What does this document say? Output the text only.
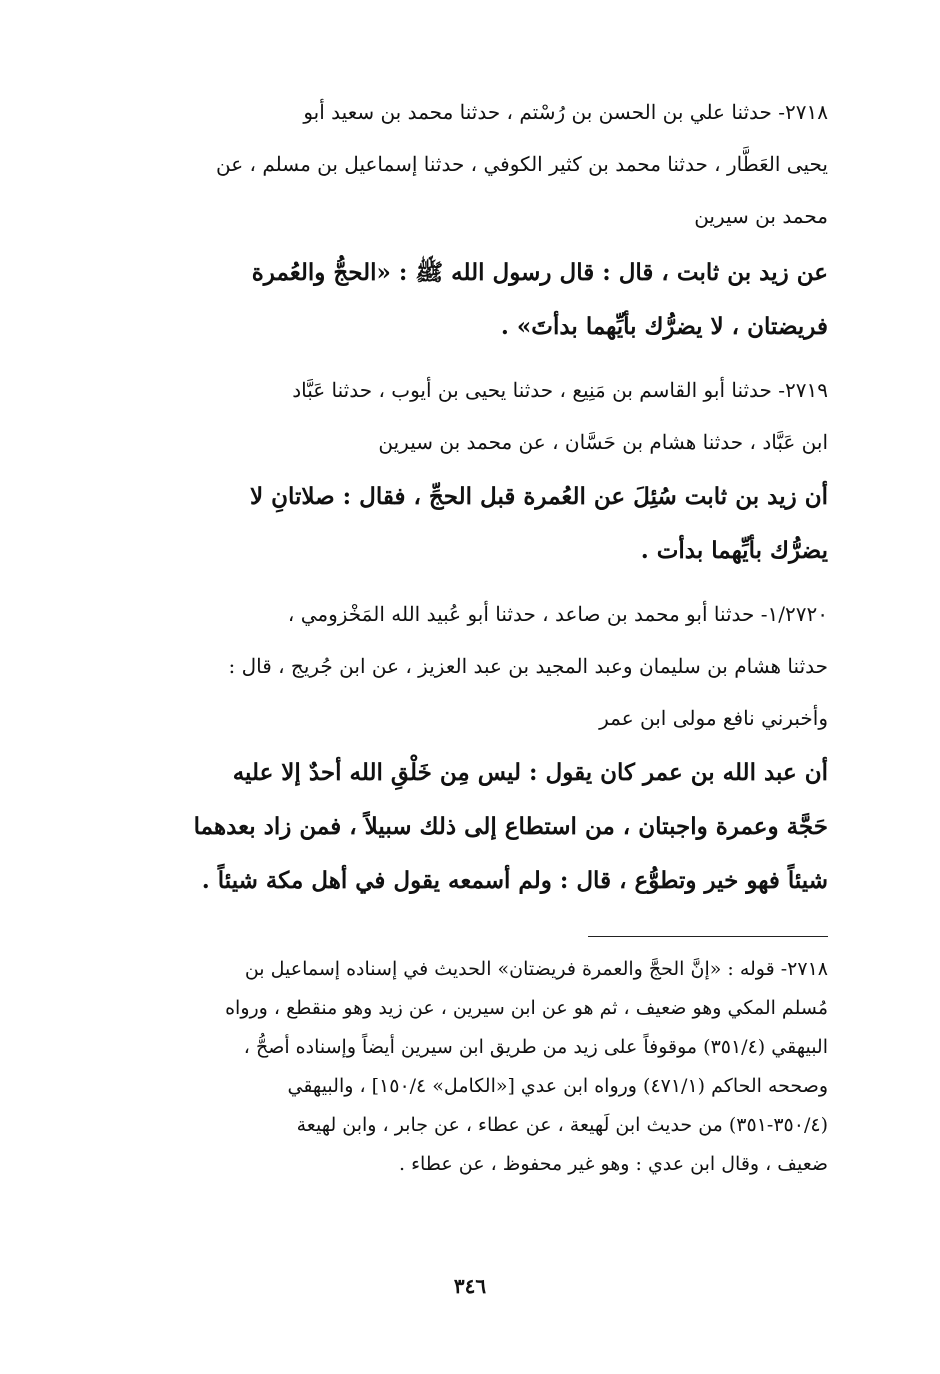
٢٧١٨- حدثنا علي بن الحسن بن رُسْتم ، حدثنا محمد بن سعيد أبو
يحيى العَطَّار ، حدثنا محمد بن كثير الكوفي ، حدثنا إسماعيل بن مسلم ، عن
محمد بن سيرين

عن زيد بن ثابت ، قال : قال رسول الله ﷺ : «الحجُّ والعُمرة
فريضتان ، لا يضرُّك بأيِّهما بدأتَ» .

٢٧١٩- حدثنا أبو القاسم بن مَنِيع ، حدثنا يحيى بن أيوب ، حدثنا عَبَّاد
ابن عَبَّاد ، حدثنا هشام بن حَسَّان ، عن محمد بن سيرين

أن زيد بن ثابت سُئِلَ عن العُمرة قبل الحجِّ ، فقال : صلاتانِ لا
يضرُّك بأيِّهما بدأت .

١/٢٧٢٠- حدثنا أبو محمد بن صاعد ، حدثنا أبو عُبيد الله المَخْزومي ،
حدثنا هشام بن سليمان وعبد المجيد بن عبد العزيز ، عن ابن جُريج ، قال :
وأخبرني نافع مولى ابن عمر

أن عبد الله بن عمر كان يقول : ليس مِن خَلْقِ الله أحدٌ إلا عليه
حَجَّة وعمرة واجبتان ، من استطاع إلى ذلك سبيلاً ، فمن زاد بعدهما
شيئاً فهو خير وتطوُّع ، قال : ولم أسمعه يقول في أهل مكة شيئاً .

٢٧١٨- قوله : «إنَّ الحجَّ والعمرة فريضتان» الحديث في إسناده إسماعيل بن
مُسلم المكي وهو ضعيف ، ثم هو عن ابن سيرين ، عن زيد وهو منقطع ، ورواه
البيهقي (٣٥١/٤) موقوفاً على زيد من طريق ابن سيرين أيضاً وإسناده أصحُّ ،
وصححه الحاكم (٤٧١/١) ورواه ابن عدي [«الكامل» ١٥٠/٤] ، والبيهقي
(٣٥٠/٤-٣٥١) من حديث ابن لَهيعة ، عن عطاء ، عن جابر ، وابن لهيعة
ضعيف ، وقال ابن عدي : وهو غير محفوظ ، عن عطاء .
٣٤٦
